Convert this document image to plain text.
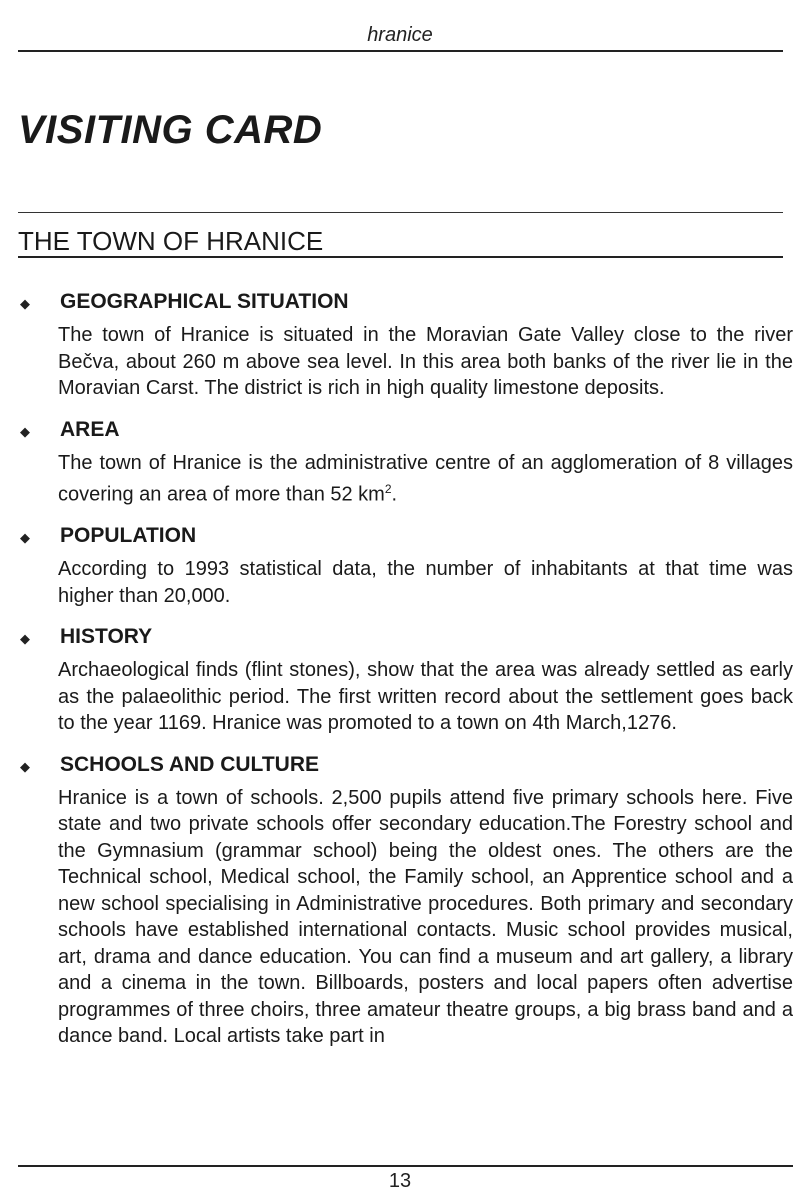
hranice
VISITING CARD
THE TOWN OF HRANICE
◆	GEOGRAPHICAL SITUATION

The town of Hranice is situated in the Moravian Gate Valley close to the river Bečva, about 260 m above sea level. In this area both banks of the river lie in the Moravian Carst. The district is rich in high quality limestone deposits.

◆	AREA

The town of Hranice is the administrative centre of an agglomeration of 8 villages covering an area of more than 52 $km^2$.

◆	POPULATION

According to 1993 statistical data, the number of inhabitants at that time was higher than 20,000.

◆	HISTORY

Archaeological finds (flint stones), show that the area was already settled as early as the palaeolithic period. The first written record about the settlement goes back to the year 1169. Hranice was promoted to a town on 4th March,1276.

◆	SCHOOLS AND CULTURE

Hranice is a town of schools. 2,500 pupils attend five primary schools here. Five state and two private schools offer secondary education.The Forestry school and the Gymnasium (grammar school) being the oldest ones. The others are the Technical school, Medical school, the Family school, an Apprentice school and a new school specialising in Administrative procedures. Both primary and secondary schools have established international contacts. Music school provides musical, art, drama and dance education. You can find a museum and art gallery, a library and a cinema in the town. Billboards, posters and local papers often advertise programmes of three choirs, three amateur theatre groups, a big brass band and a dance band. Local artists take part in

13
